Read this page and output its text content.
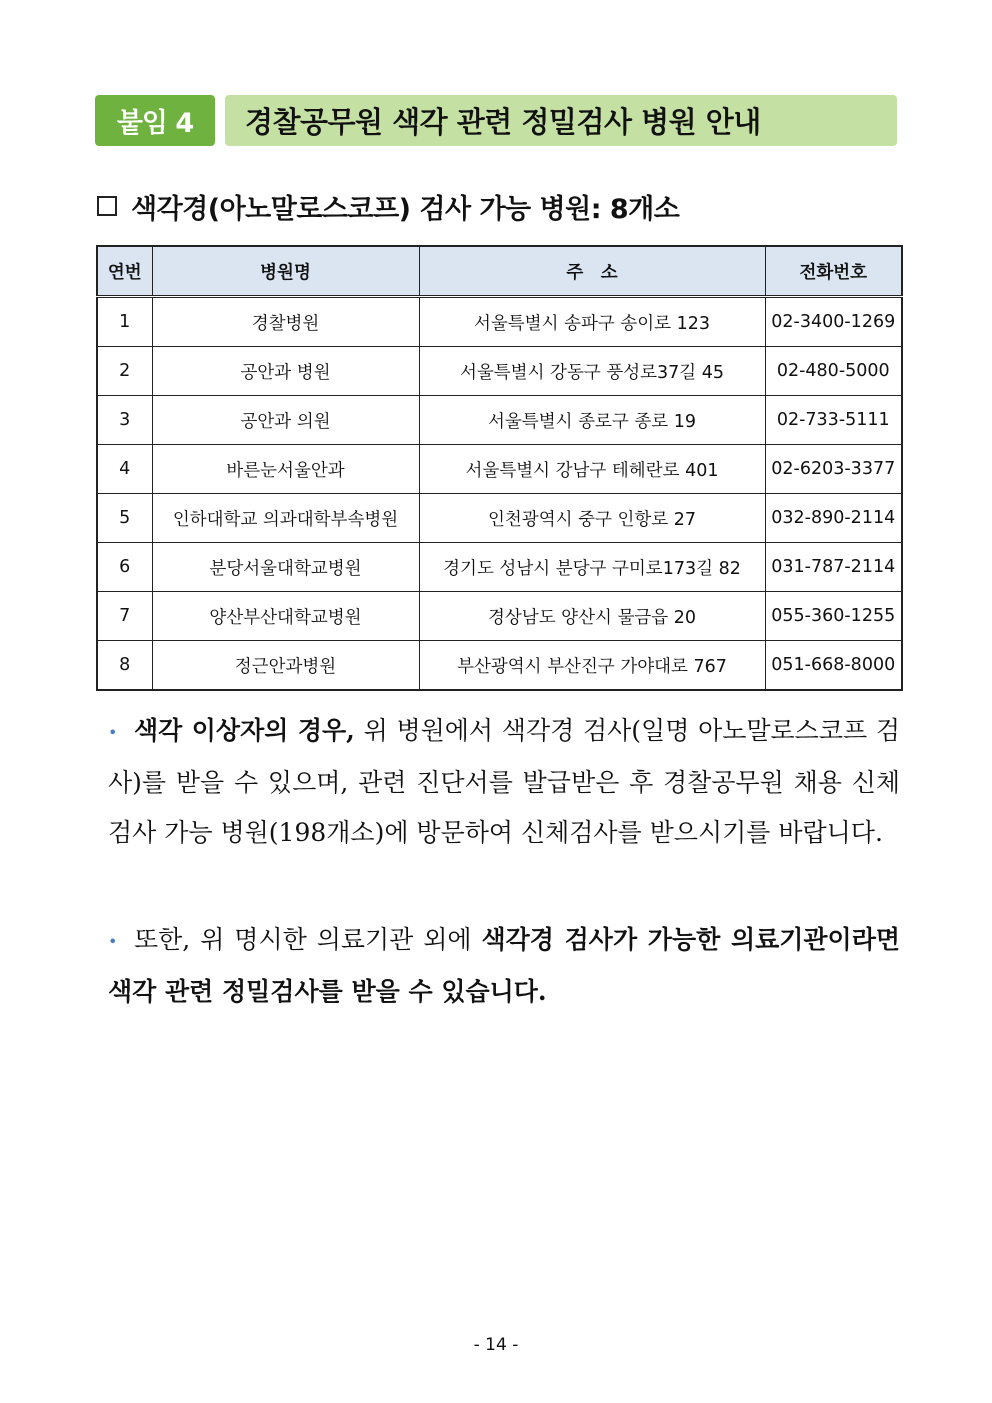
붙임 4	경찰공무원 색각 관련 정밀검사 병원 안내
색각경(아노말로스코프) 검사 가능 병원: 8개소
연번	병원명	주　소	전화번호
1	경찰병원	서울특별시 송파구 송이로 123	02-3400-1269
2	공안과 병원	서울특별시 강동구 풍성로37길 45	02-480-5000
3	공안과 의원	서울특별시 종로구 종로 19	02-733-5111
4	바른눈서울안과	서울특별시 강남구 테헤란로 401	02-6203-3377
5	인하대학교 의과대학부속병원	인천광역시 중구 인항로 27	032-890-2114
6	분당서울대학교병원	경기도 성남시 분당구 구미로173길 82	031-787-2114
7	양산부산대학교병원	경상남도 양산시 물금읍 20	055-360-1255
8	정근안과병원	부산광역시 부산진구 가야대로 767	051-668-8000
• 색각 이상자의 경우, 위 병원에서 색각경 검사(일명 아노말로스코프 검사)를 받을 수 있으며, 관련 진단서를 발급받은 후 경찰공무원 채용 신체검사 가능 병원(198개소)에 방문하여 신체검사를 받으시기를 바랍니다.
• 또한, 위 명시한 의료기관 외에 색각경 검사가 가능한 의료기관이라면 색각 관련 정밀검사를 받을 수 있습니다.
- 14 -
